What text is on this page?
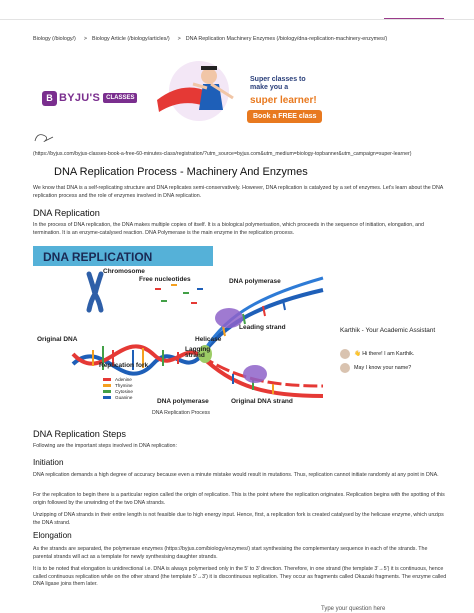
Biology (/biology/) > Biology Article (/biology/articles/) > DNA Replication Machinery Enzymes (/biology/dna-replication-machinery-enzymes/)
B BYJU'S	CLASSES
Super classes to
make you a
super learner!
Book a FREE class
(https://byjus.com/byjus-classes-book-a-free-60-minutes-class/registration/?utm_source=byjus.com&utm_medium=biology-topbanner&utm_campaign=super-learner)
DNA Replication Process - Machinery And Enzymes
We know that DNA is a self-replicating structure and DNA replicates semi-conservatively. However, DNA replication is catalyzed by a set of enzymes. Let's learn about the DNA replication process and the role of enzymes involved in DNA replication.
DNA Replication
In the process of DNA replication, the DNA makes multiple copies of itself. It is a biological polymerisation, which proceeds in the sequence of initiation, elongation, and termination. It is an enzyme-catalysed reaction. DNA Polymerase is the main enzyme in the replication process.
DNA REPLICATION
Chromosome
Free nucleotides	DNA polymerase
Leading strand
Original DNA	Helicase
Lagging
strand
Replication fork
DNA polymerase	Original DNA strand
Adenine
Thymine
Cytosine
Guanine
DNA Replication Process
Karthik - Your Academic Assistant
👋 Hi there! I am Karthik.
May I know your name?
DNA Replication Steps
Following are the important steps involved in DNA replication:
Initiation
DNA replication demands a high degree of accuracy because even a minute mistake would result in mutations. Thus, replication cannot initiate randomly at any point in DNA.
For the replication to begin there is a particular region called the origin of replication. This is the point where the replication originates. Replication begins with the spotting of this origin followed by the unwinding of the two DNA strands.
Unzipping of DNA strands in their entire length is not feasible due to high energy input. Hence, first, a replication fork is created catalysed by the helicase enzyme, which unzips the DNA strand.
Elongation
As the strands are separated, the polymerase enzymes (https://byjus.com/biology/enzymes/) start synthesising the complementary sequence in each of the strands. The parental strands will act as a template for newly synthesising daughter strands.
It is to be noted that elongation is unidirectional i.e. DNA is always polymerised only in the 5' to 3' direction. Therefore, in one strand (the template 3'→5') it is continuous, hence called continuous replication while on the other strand (the template 5'→3') it is discontinuous replication. They occur as fragments called Okazaki fragments. The enzyme called DNA ligase joins them later.
Type your question here
